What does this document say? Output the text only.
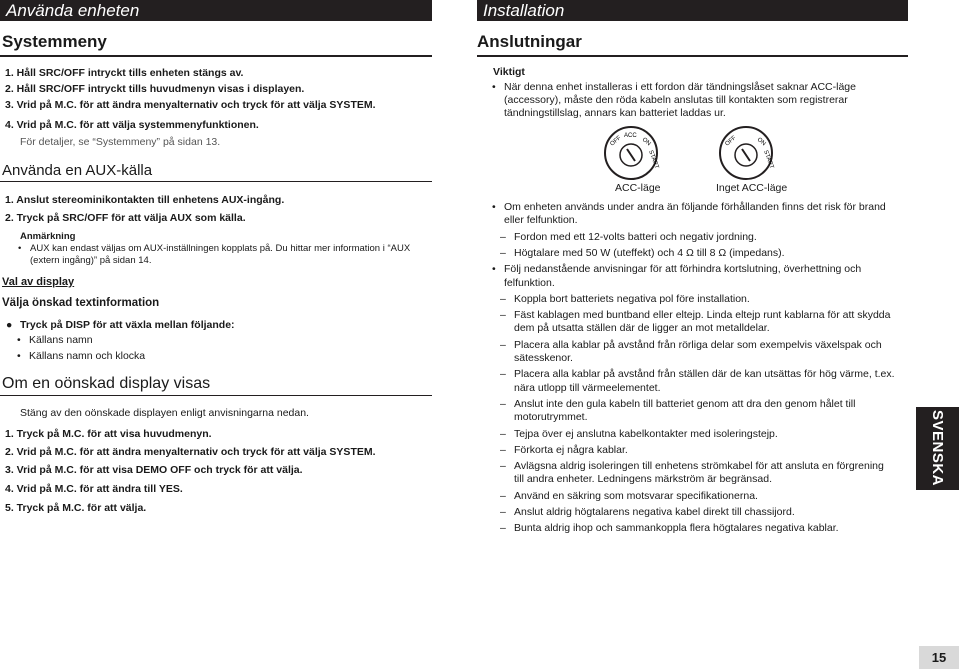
Använda enheten
Systemmeny
1. Håll SRC/OFF intryckt tills enheten stängs av.
2. Håll SRC/OFF intryckt tills huvudmenyn visas i displayen.
3. Vrid på M.C. för att ändra menyalternativ och tryck för att välja SYSTEM.
4. Vrid på M.C. för att välja systemmenyfunktionen.
För detaljer, se “Systemmeny” på sidan 13.
Använda en AUX-källa
1. Anslut stereominikontakten till enhetens AUX-ingång.
2. Tryck på SRC/OFF för att välja AUX som källa.
Anmärkning
• AUX kan endast väljas om AUX-inställningen kopplats på. Du hittar mer information i “AUX
(extern ingång)” på sidan 14.
Val av display
Välja önskad textinformation
● Tryck på DISP för att växla mellan följande:
• Källans namn
• Källans namn och klocka
Om en oönskad display visas
Stäng av den oönskade displayen enligt anvisningarna nedan.
1. Tryck på M.C. för att visa huvudmenyn.
2. Vrid på M.C. för att ändra menyalternativ och tryck för att välja SYSTEM.
3. Vrid på M.C. för att visa DEMO OFF och tryck för att välja.
4. Vrid på M.C. för att ändra till YES.
5. Tryck på M.C. för att välja.
Installation
Anslutningar
Viktigt
• När denna enhet installeras i ett fordon där tändningslåset saknar ACC-läge
(accessory), måste den röda kabeln anslutas till kontakten som registrerar
tändningstillslag, annars kan batteriet laddas ur.
OFF ACC
ON
START
OFF	ON
START
ACC-läge	Inget ACC-läge
• Om enheten används under andra än följande förhållanden finns det risk för brand
eller felfunktion.
– Fordon med ett 12-volts batteri och negativ jordning.
– Högtalare med 50 W (uteffekt) och 4 Ω till 8 Ω (impedans).
• Följ nedanstående anvisningar för att förhindra kortslutning, överhettning och
felfunktion.
– Koppla bort batteriets negativa pol före installation.
– Fäst kablagen med buntband eller eltejp. Linda eltejp runt kablarna för att skydda
dem på utsatta ställen där de ligger an mot metalldelar.
– Placera alla kablar på avstånd från rörliga delar som exempelvis växelspak och
sätesskenor.
– Placera alla kablar på avstånd från ställen där de kan utsättas för hög värme, t.ex.
nära utlopp till värmeelementet.
– Anslut inte den gula kabeln till batteriet genom att dra den genom hålet till
motorutrymmet.
– Tejpa över ej anslutna kabelkontakter med isoleringstejp.
– Förkorta ej några kablar.
– Avlägsna aldrig isoleringen till enhetens strömkabel för att ansluta en förgrening
till andra enheter. Ledningens märkström är begränsad.
– Använd en säkring som motsvarar specifikationerna.
– Anslut aldrig högtalarens negativa kabel direkt till chassijord.
– Bunta aldrig ihop och sammankoppla flera högtalares negativa kablar.
SVENSKA
15
